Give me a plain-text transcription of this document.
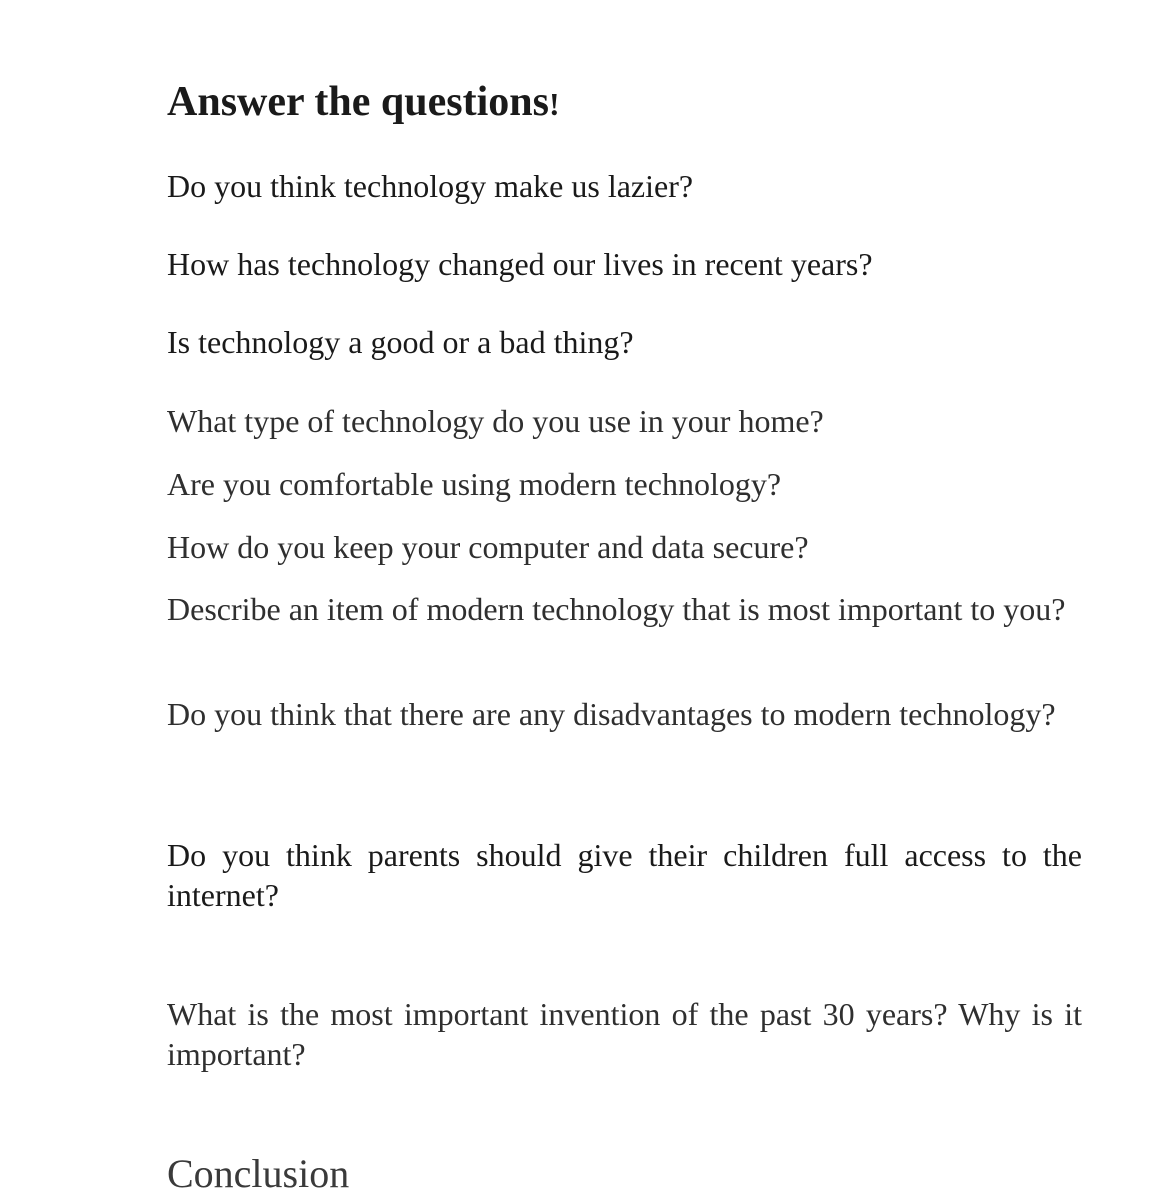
Answer the questions!

Do you think technology make us lazier?

How has technology changed our lives in recent years?

Is technology a good or a bad thing?

What type of technology do you use in your home?

Are you comfortable using modern technology?

How do you keep your computer and data secure?

Describe an item of modern technology that is most important to you?

Do you think that there are any disadvantages to modern technology?

Do you think parents should give their children full access to the internet?

What is the most important invention of the past 30 years? Why is it important?

Conclusion
